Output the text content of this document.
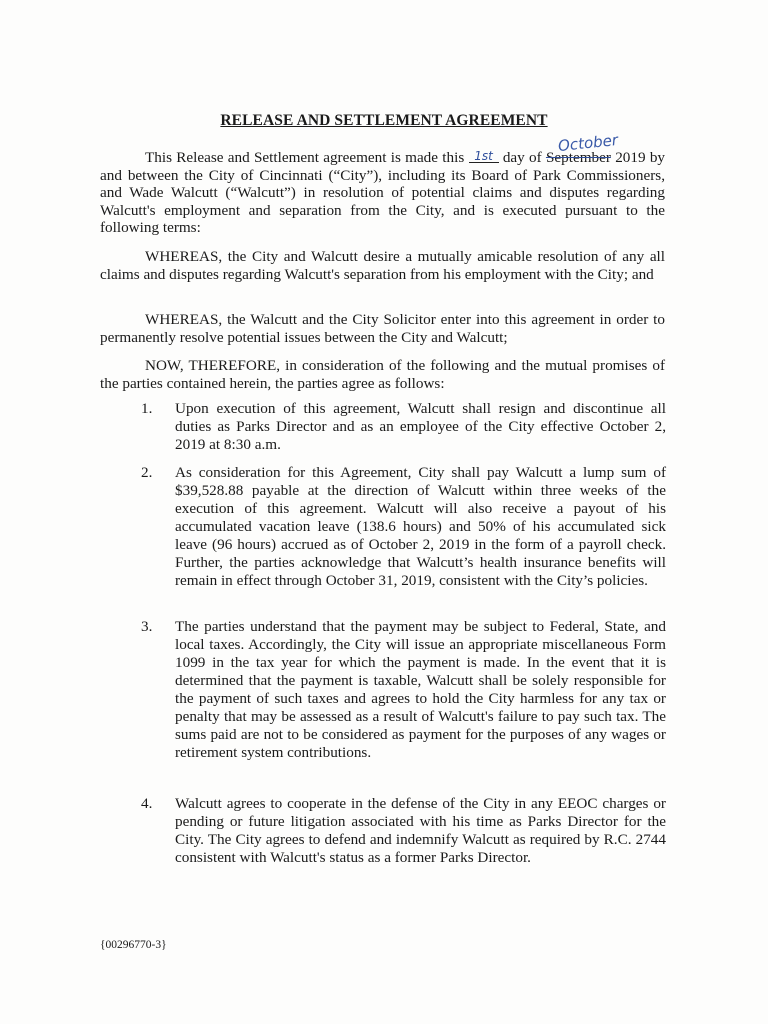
RELEASE AND SETTLEMENT AGREEMENT
October
This Release and Settlement agreement is made this 1st day of September 2019 by and between the City of Cincinnati (“City”), including its Board of Park Commissioners, and Wade Walcutt (“Walcutt”) in resolution of potential claims and disputes regarding Walcutt's employment and separation from the City, and is executed pursuant to the following terms:
WHEREAS, the City and Walcutt desire a mutually amicable resolution of any all claims and disputes regarding Walcutt's separation from his employment with the City; and
WHEREAS, the Walcutt and the City Solicitor enter into this agreement in order to permanently resolve potential issues between the City and Walcutt;
NOW, THEREFORE, in consideration of the following and the mutual promises of the parties contained herein, the parties agree as follows:
1.	Upon execution of this agreement, Walcutt shall resign and discontinue all duties as Parks Director and as an employee of the City effective October 2, 2019 at 8:30 a.m.
2.	As consideration for this Agreement, City shall pay Walcutt a lump sum of $39,528.88 payable at the direction of Walcutt within three weeks of the execution of this agreement. Walcutt will also receive a payout of his accumulated vacation leave (138.6 hours) and 50% of his accumulated sick leave (96 hours) accrued as of October 2, 2019 in the form of a payroll check. Further, the parties acknowledge that Walcutt’s health insurance benefits will remain in effect through October 31, 2019, consistent with the City’s policies.
3.	The parties understand that the payment may be subject to Federal, State, and local taxes. Accordingly, the City will issue an appropriate miscellaneous Form 1099 in the tax year for which the payment is made. In the event that it is determined that the payment is taxable, Walcutt shall be solely responsible for the payment of such taxes and agrees to hold the City harmless for any tax or penalty that may be assessed as a result of Walcutt's failure to pay such tax. The sums paid are not to be considered as payment for the purposes of any wages or retirement system contributions.
4.	Walcutt agrees to cooperate in the defense of the City in any EEOC charges or pending or future litigation associated with his time as Parks Director for the City. The City agrees to defend and indemnify Walcutt as required by R.C. 2744 consistent with Walcutt's status as a former Parks Director.
{00296770-3}
